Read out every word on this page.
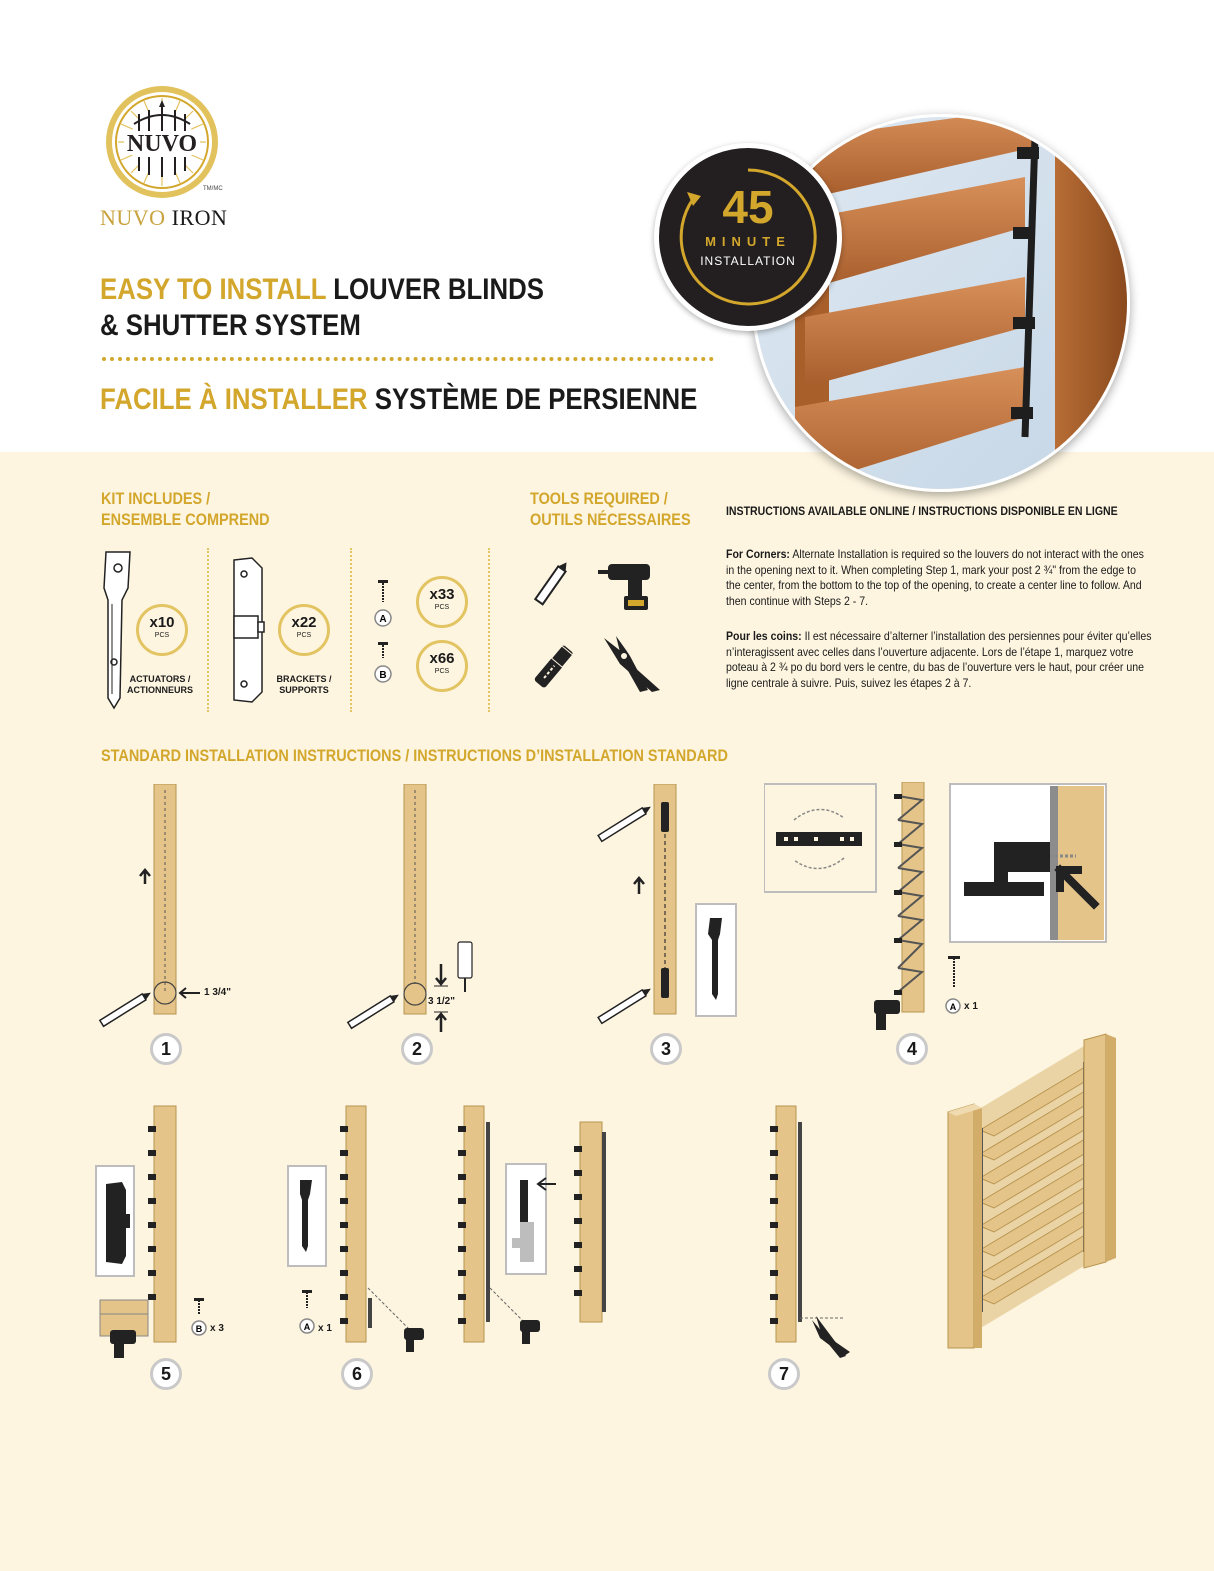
NUVO
TM/MC
NUVO IRON
EASY TO INSTALL LOUVER BLINDS
& SHUTTER SYSTEM
FACILE À INSTALLER SYSTÈME DE PERSIENNE
45
MINUTE
INSTALLATION
KIT INCLUDES /
ENSEMBLE COMPREND
x10
PCS
ACTUATORS /
ACTIONNEURS
x22
PCS
BRACKETS /
SUPPORTS
A
x33
PCS
B
x66
PCS
TOOLS REQUIRED /
OUTILS NÉCESSAIRES	INSTRUCTIONS AVAILABLE ONLINE / INSTRUCTIONS DISPONIBLE EN LIGNE
For Corners: Alternate Installation is required so the louvers do not interact with the ones in the opening next to it. When completing Step 1, mark your post 2 ¾" from the edge to the center, from the bottom to the top of the opening, to create a center line to follow. And then continue with Steps 2 - 7.
Pour les coins: Il est nécessaire d’alterner l’installation des persiennes pour éviter qu’elles n’interagissent avec celles dans l’ouverture adjacente. Lors de l’étape 1, marquez votre poteau à 2 ¾ po du bord vers le centre, du bas de l’ouverture vers le haut, pour créer une ligne centrale à suivre. Puis, suivez les étapes 2 à 7.
STANDARD INSTALLATION INSTRUCTIONS / INSTRUCTIONS D’INSTALLATION STANDARD
1 3/4"
1
3 1/2"
2	3
A x 1
4
B x 3
5
A x 1
6	7
